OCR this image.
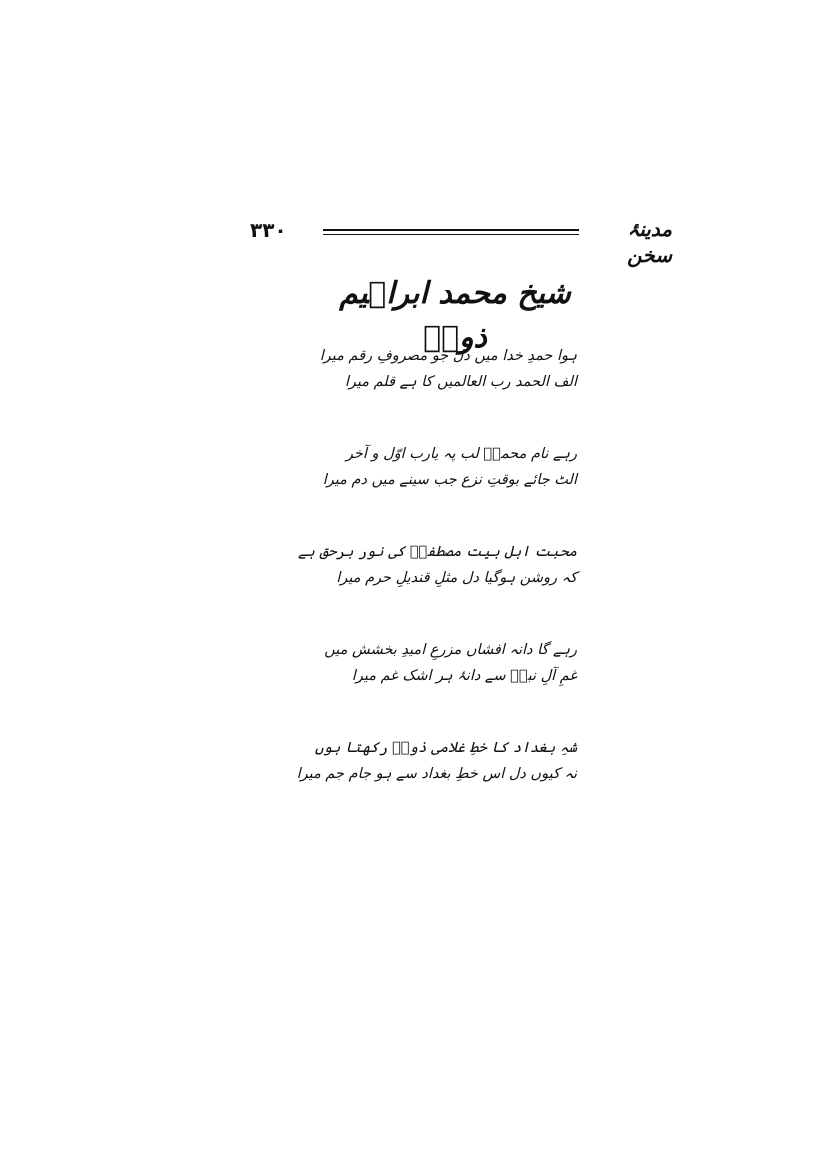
۳۳۰	مدینۂ سخن
شیخ محمد ابراہیم ذوقؔ
ہوا حمدِ خدا میں دل جو مصروفِ رقم میرا
الف الحمد رب العالمیں کا ہے قلم میرا
رہے نام محمدؐ لب پہ یارب اوّل و آخر
الٹ جائے بوقتِ نزع جب سینے میں دم میرا
محبت اہل بیت مصطفیؐ کی نور برحق ہے
کہ روشن ہوگیا دل مثلِ قندیلِ حرم میرا
رہے گا دانہ افشاں مزرعِ امیدِ بخشش میں
غمِ آلِ نبیؐ سے دانۂ ہر اشک غم میرا
شہِ بغداد کا خطِ غلامی ذوقؔ رکھتا ہوں
نہ کیوں دل اس خطِ بغداد سے ہو جام جم میرا
